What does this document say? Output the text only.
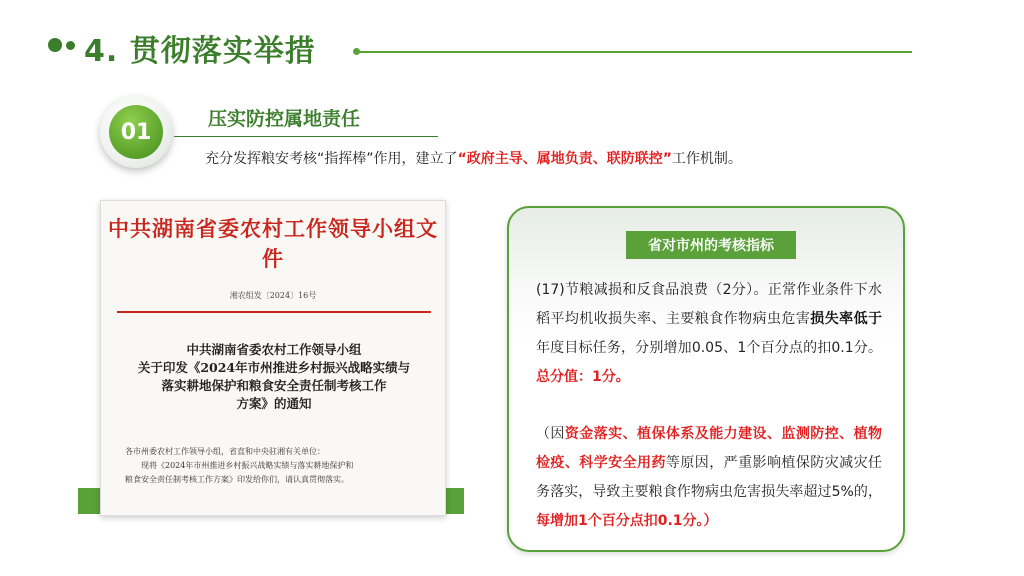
4. 贯彻落实举措
01
压实防控属地责任
充分发挥粮安考核“指挥棒”作用，建立了“政府主导、属地负责、联防联控”工作机制。
中共湖南省委农村工作领导小组文件
湘农组发〔2024〕16号
中共湖南省委农村工作领导小组
关于印发《2024年市州推进乡村振兴战略实绩与
落实耕地保护和粮食安全责任制考核工作
方案》的通知
各市州委农村工作领导小组，省直和中央驻湘有关单位：
现将《2024年市州推进乡村振兴战略实绩与落实耕地保护和
粮食安全责任制考核工作方案》印发给你们，请认真贯彻落实。
省对市州的考核指标
(17)节粮减损和反食品浪费（2分）。正常作业条件下水稻平均机收损失率、主要粮食作物病虫危害损失率低于年度目标任务，分别增加0.05、1个百分点的扣0.1分。总分值：1分。
（因资金落实、植保体系及能力建设、监测防控、植物检疫、科学安全用药等原因，严重影响植保防灾减灾任务落实，导致主要粮食作物病虫危害损失率超过5%的，每增加1个百分点扣0.1分。）
